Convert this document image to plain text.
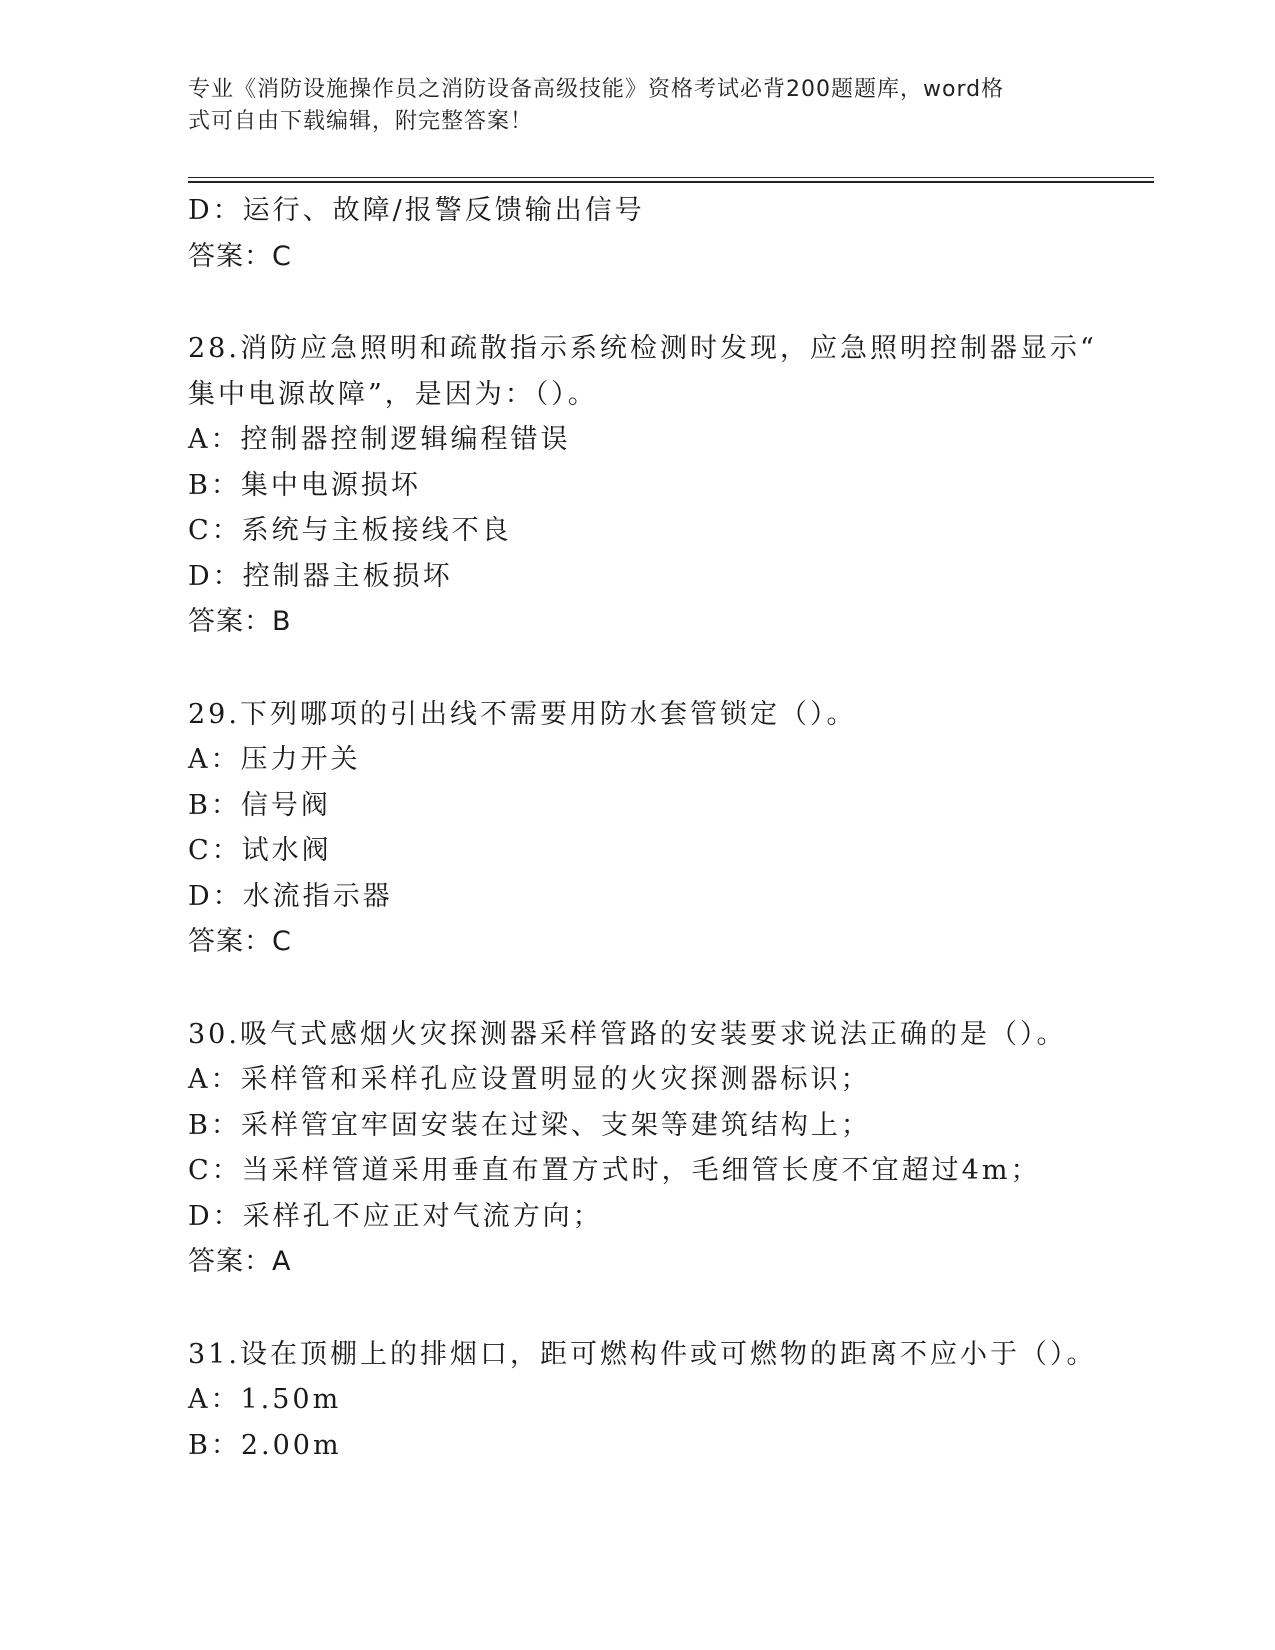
专业《消防设施操作员之消防设备高级技能》资格考试必背200题题库，word格
式可自由下载编辑，附完整答案！
D：运行、故障/报警反馈输出信号
答案：C
28.消防应急照明和疏散指示系统检测时发现，应急照明控制器显示“
集中电源故障”，是因为：（）。
A：控制器控制逻辑编程错误
B：集中电源损坏
C：系统与主板接线不良
D：控制器主板损坏
答案：B
29.下列哪项的引出线不需要用防水套管锁定（）。
A：压力开关
B：信号阀
C：试水阀
D：水流指示器
答案：C
30.吸气式感烟火灾探测器采样管路的安装要求说法正确的是（）。
A：采样管和采样孔应设置明显的火灾探测器标识；
B：采样管宜牢固安装在过梁、支架等建筑结构上；
C：当采样管道采用垂直布置方式时，毛细管长度不宜超过4m；
D：采样孔不应正对气流方向；
答案：A
31.设在顶棚上的排烟口，距可燃构件或可燃物的距离不应小于（）。
A：1.50m
B：2.00m
